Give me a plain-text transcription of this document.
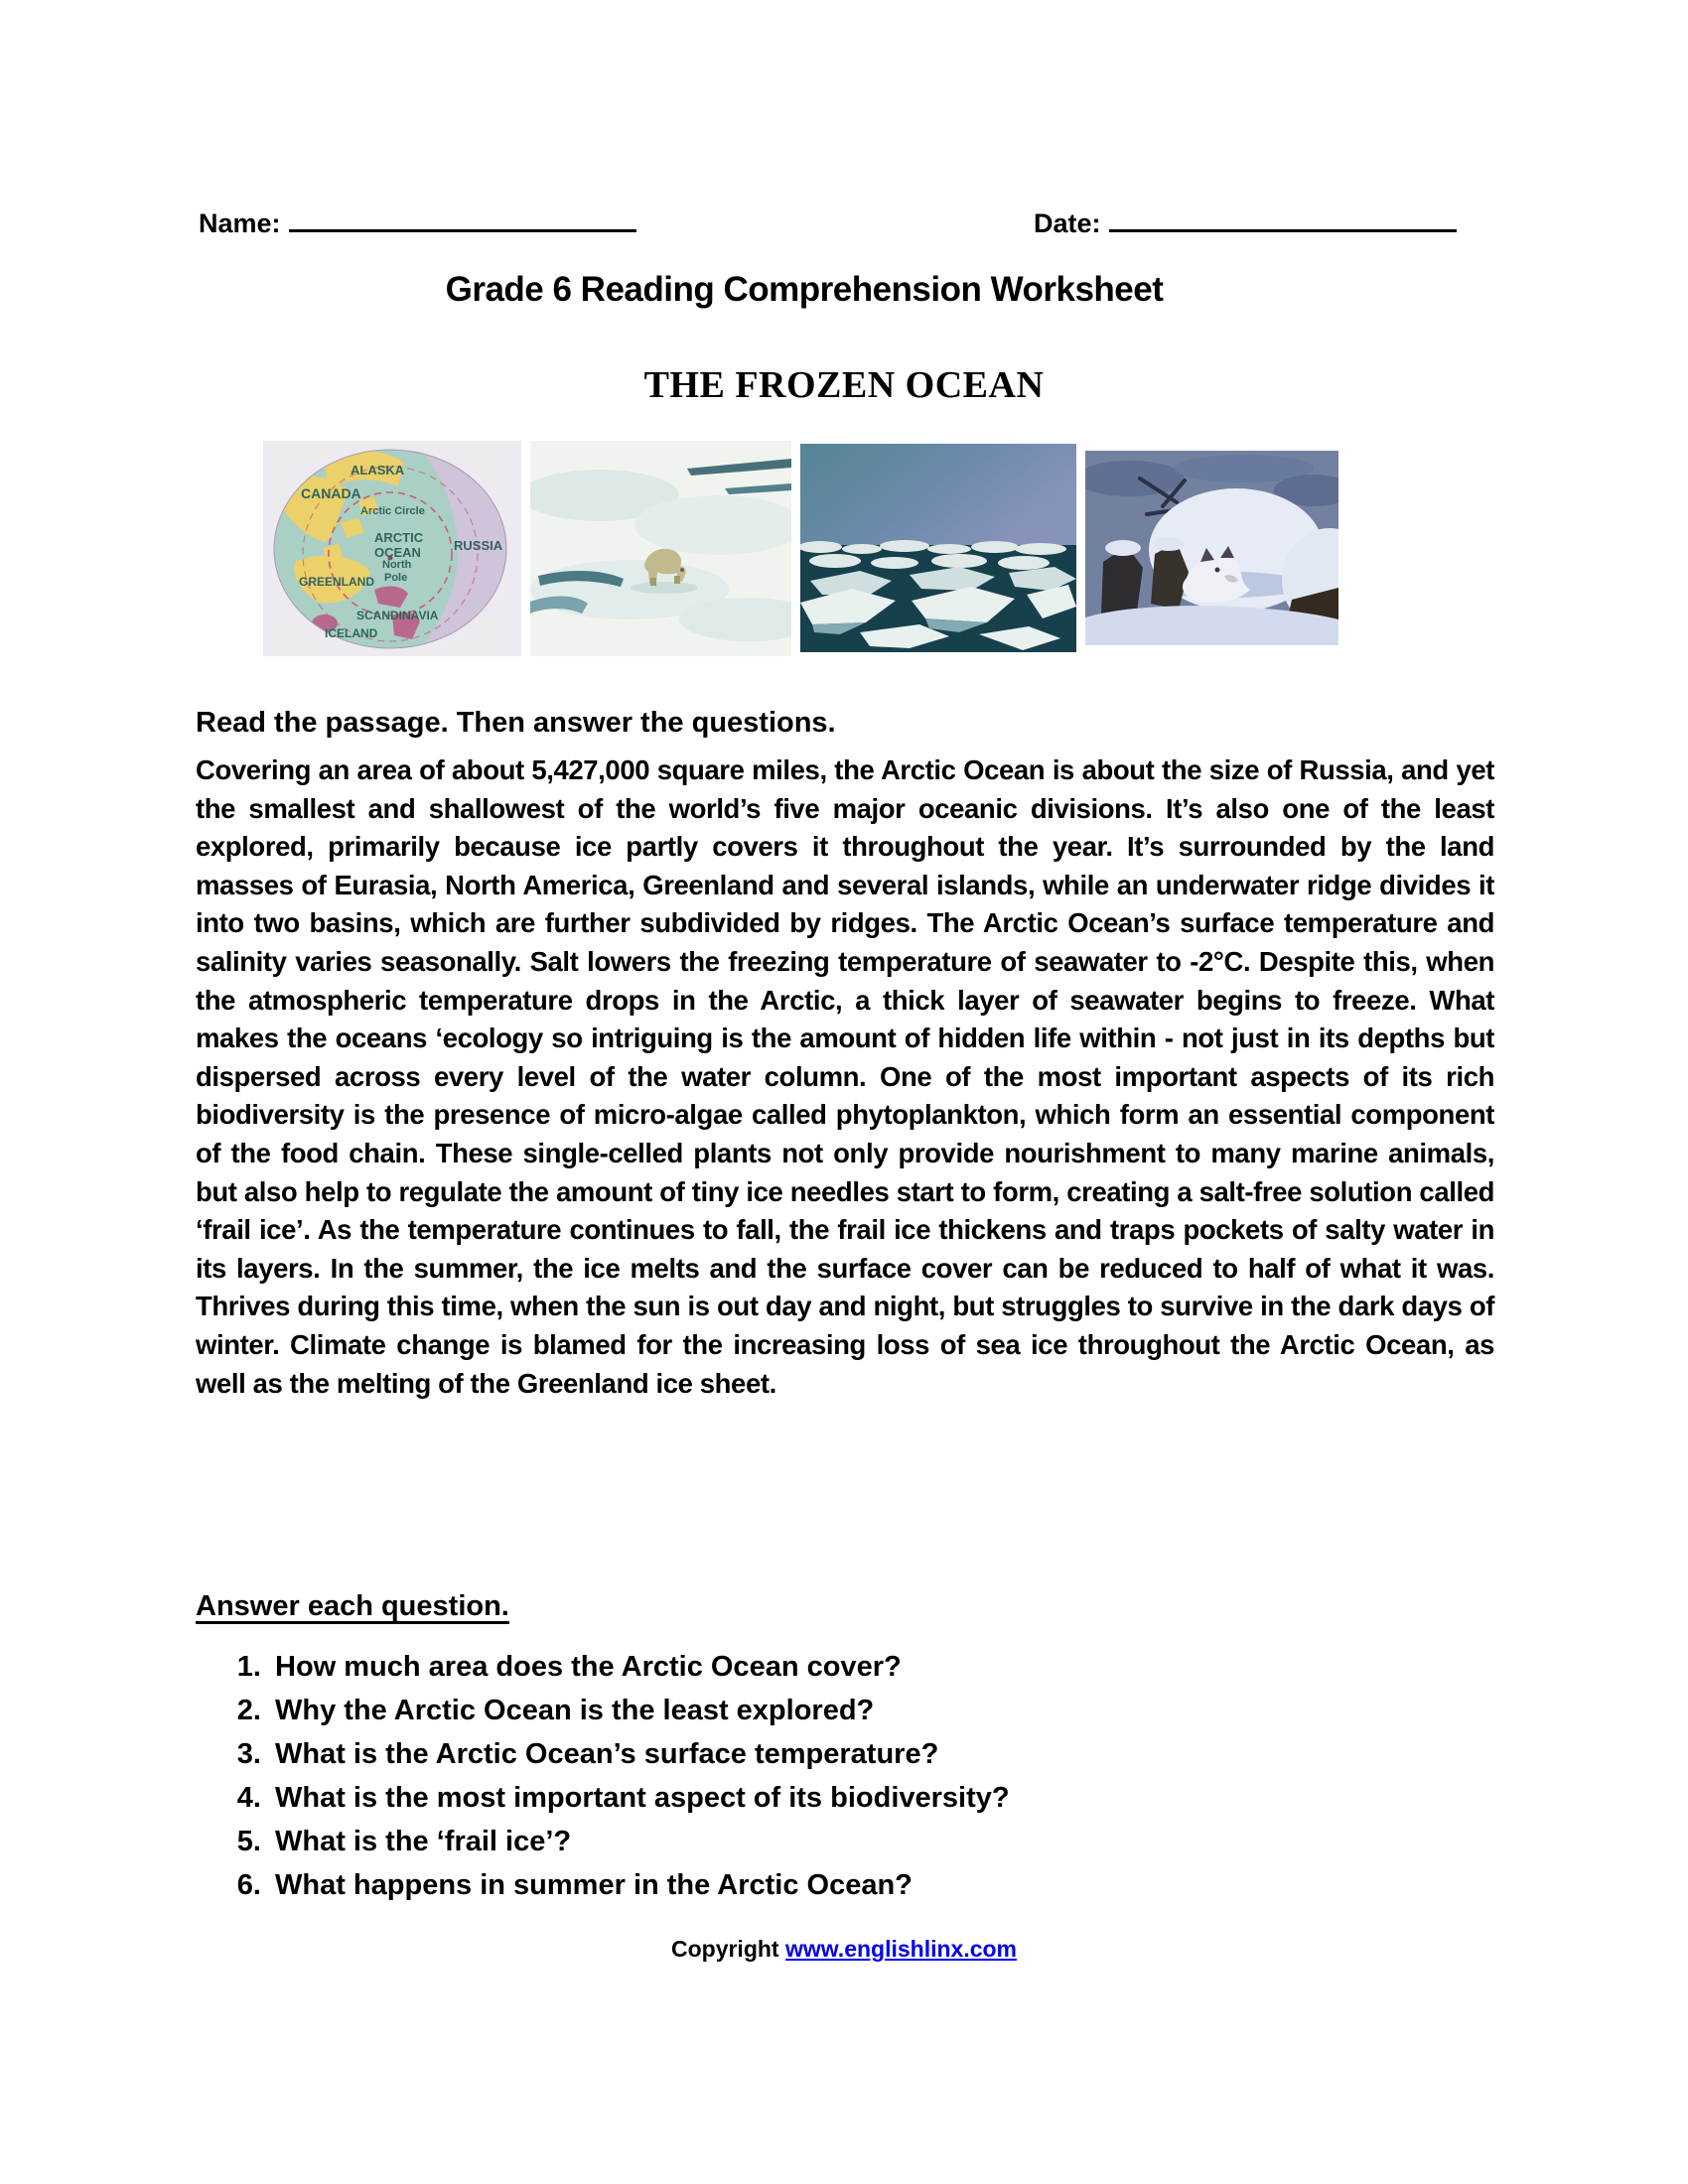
Name:	Date:
Grade 6 Reading Comprehension Worksheet
THE FROZEN OCEAN
ALASKA
CANADA
Arctic Circle
ARCTIC
OCEAN	RUSSIA
North
Pole
GREENLAND
SCANDINAVIA
ICELAND
Read the passage. Then answer the questions.
Covering an area of about 5,427,000 square miles, the Arctic Ocean is about the size of Russia, and yet the smallest and shallowest of the world’s five major oceanic divisions. It’s also one of the least explored, primarily because ice partly covers it throughout the year. It’s surrounded by the land masses of Eurasia, North America, Greenland and several islands, while an underwater ridge divides it into two basins, which are further subdivided by ridges. The Arctic Ocean’s surface temperature and salinity varies seasonally. Salt lowers the freezing temperature of seawater to -2°C. Despite this, when the atmospheric temperature drops in the Arctic, a thick layer of seawater begins to freeze. What makes the oceans ‘ecology so intriguing is the amount of hidden life within - not just in its depths but dispersed across every level of the water column. One of the most important aspects of its rich biodiversity is the presence of micro-algae called phytoplankton, which form an essential component of the food chain. These single-celled plants not only provide nourishment to many marine animals, but also help to regulate the amount of tiny ice needles start to form, creating a salt-free solution called ‘frail ice’. As the temperature continues to fall, the frail ice thickens and traps pockets of salty water in its layers. In the summer, the ice melts and the surface cover can be reduced to half of what it was. Thrives during this time, when the sun is out day and night, but struggles to survive in the dark days of winter. Climate change is blamed for the increasing loss of sea ice throughout the Arctic Ocean, as well as the melting of the Greenland ice sheet.
Answer each question.
1. How much area does the Arctic Ocean cover?
2. Why the Arctic Ocean is the least explored?
3. What is the Arctic Ocean’s surface temperature?
4. What is the most important aspect of its biodiversity?
5. What is the ‘frail ice’?
6. What happens in summer in the Arctic Ocean?
Copyright www.englishlinx.com
